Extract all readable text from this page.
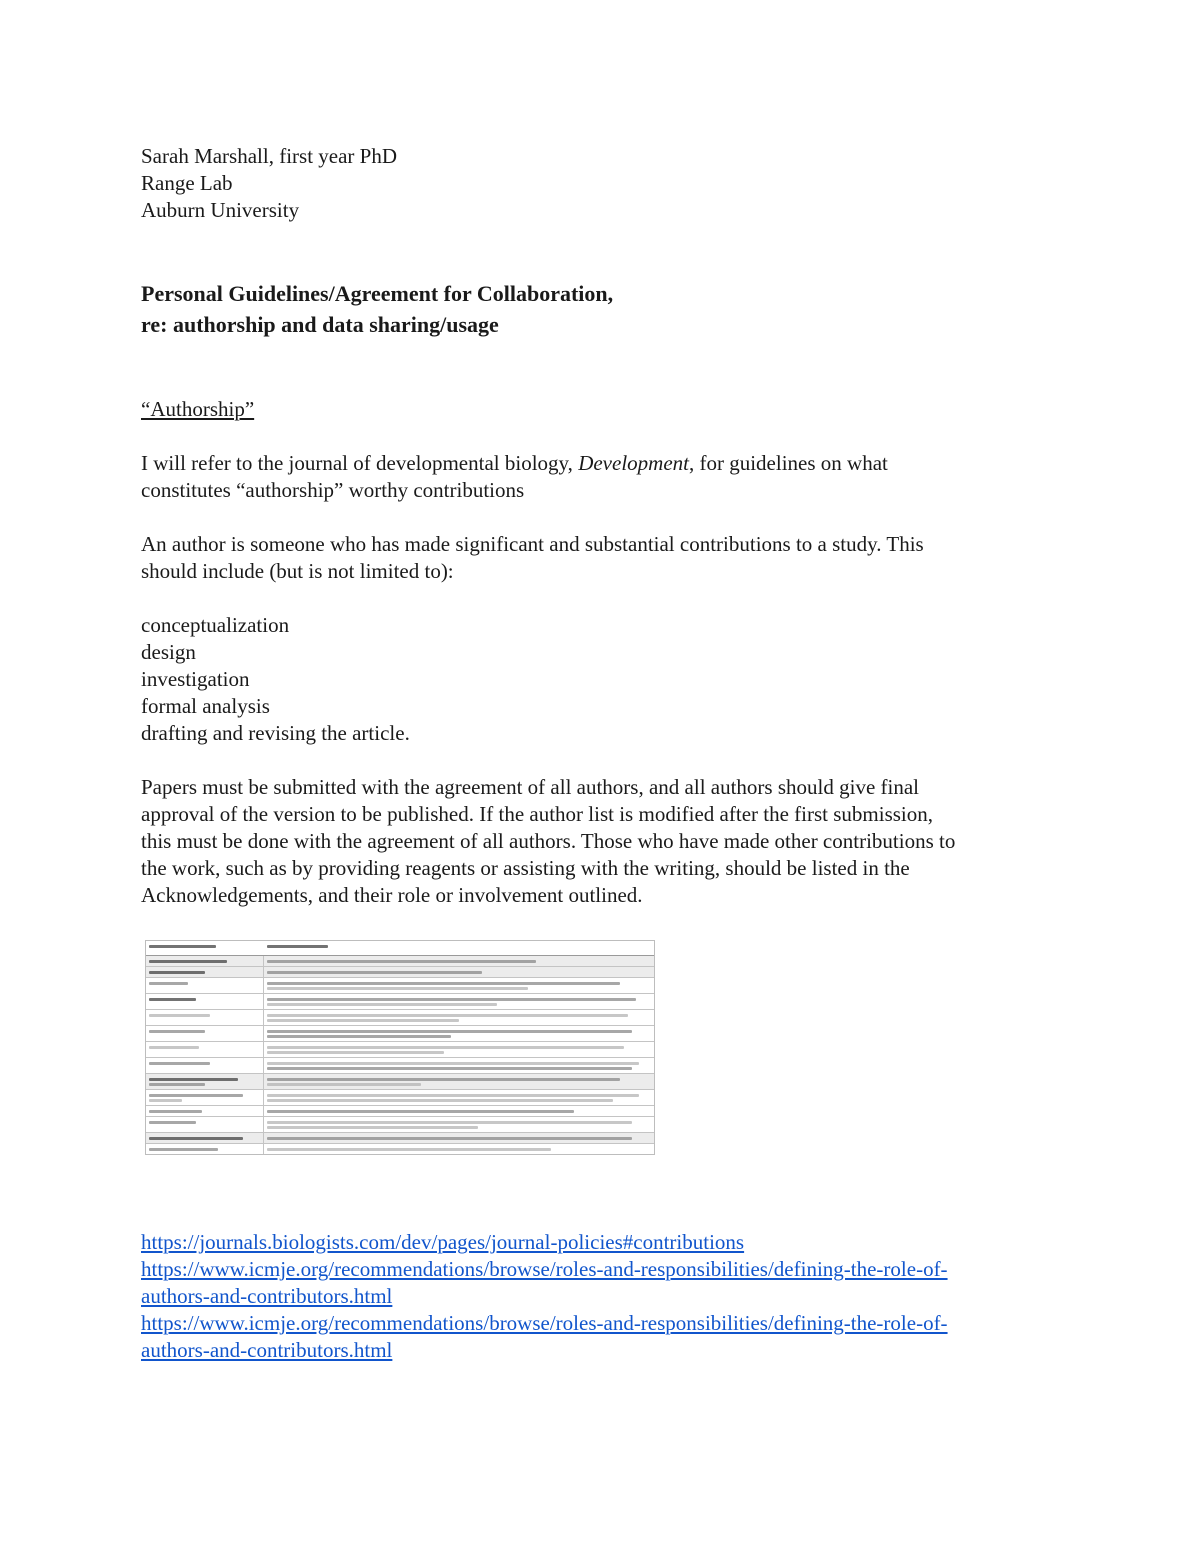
Sarah Marshall, first year PhD
Range Lab
Auburn University
Personal Guidelines/Agreement for Collaboration,
re: authorship and data sharing/usage
“Authorship”
I will refer to the journal of developmental biology, Development, for guidelines on what
constitutes “authorship” worthy contributions
An author is someone who has made significant and substantial contributions to a study. This
should include (but is not limited to):
conceptualization
design
investigation
formal analysis
drafting and revising the article.
Papers must be submitted with the agreement of all authors, and all authors should give final
approval of the version to be published. If the author list is modified after the first submission,
this must be done with the agreement of all authors. Those who have made other contributions to
the work, such as by providing reagents or assisting with the writing, should be listed in the
Acknowledgements, and their role or involvement outlined.
https://journals.biologists.com/dev/pages/journal-policies#contributions
https://www.icmje.org/recommendations/browse/roles-and-responsibilities/defining-the-role-of-
authors-and-contributors.html
https://www.icmje.org/recommendations/browse/roles-and-responsibilities/defining-the-role-of-
authors-and-contributors.html
